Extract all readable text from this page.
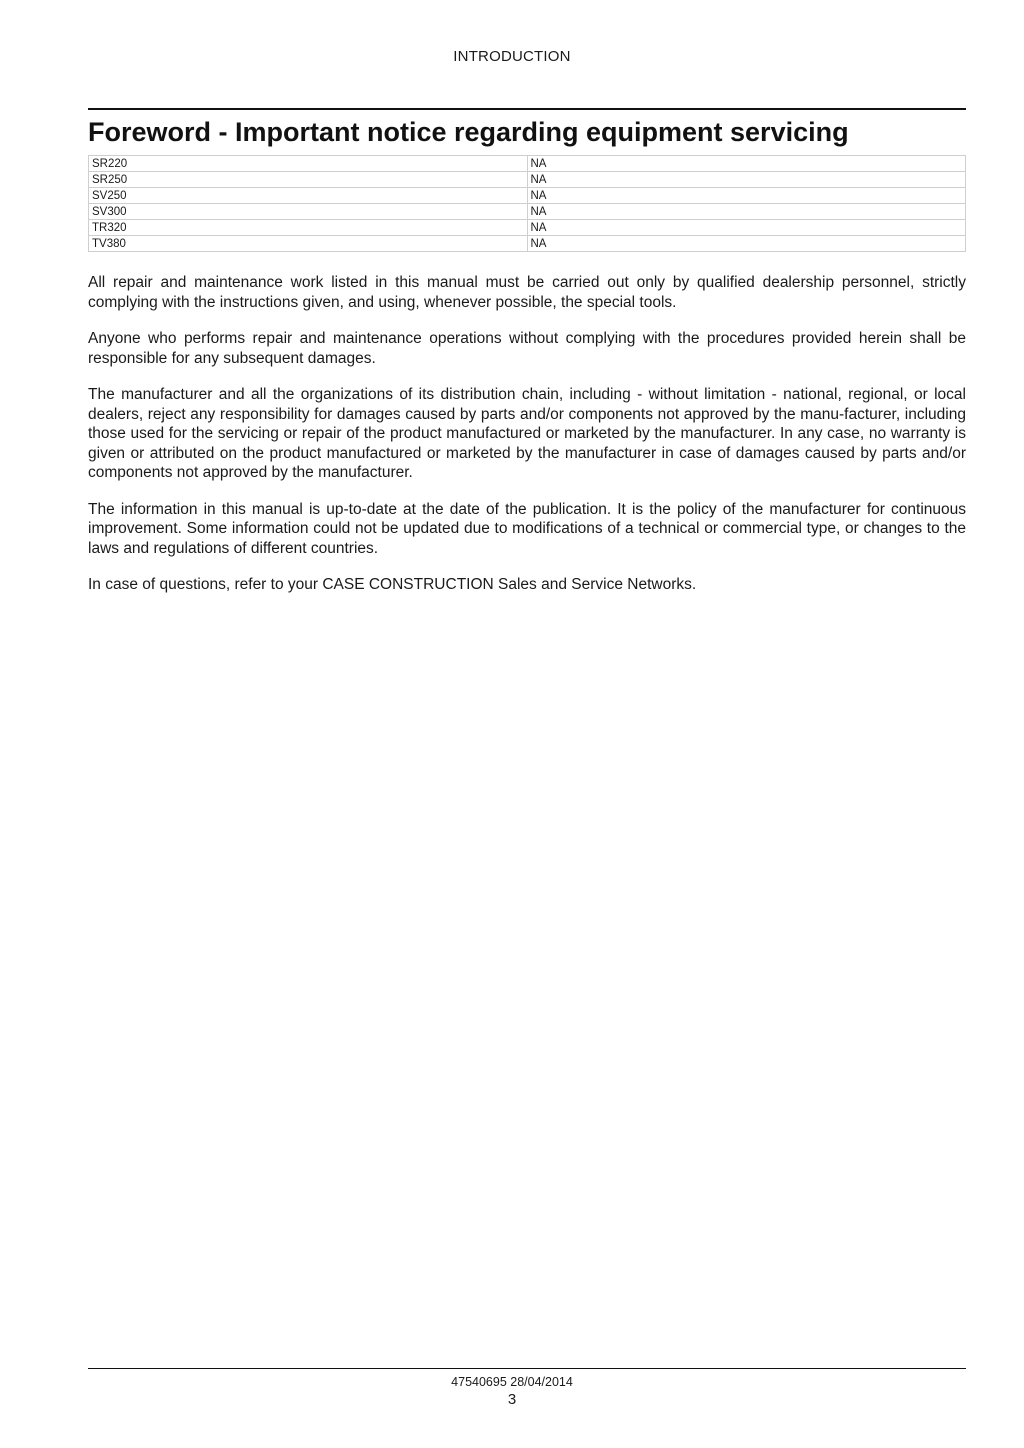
INTRODUCTION
Foreword - Important notice regarding equipment servicing
SR220	NA
SR250	NA
SV250	NA
SV300	NA
TR320	NA
TV380	NA

All repair and maintenance work listed in this manual must be carried out only by qualified dealership personnel, strictly complying with the instructions given, and using, whenever possible, the special tools.

Anyone who performs repair and maintenance operations without complying with the procedures provided herein shall be responsible for any subsequent damages.

The manufacturer and all the organizations of its distribution chain, including - without limitation - national, regional, or local dealers, reject any responsibility for damages caused by parts and/or components not approved by the manu-facturer, including those used for the servicing or repair of the product manufactured or marketed by the manufacturer. In any case, no warranty is given or attributed on the product manufactured or marketed by the manufacturer in case of damages caused by parts and/or components not approved by the manufacturer.

The information in this manual is up-to-date at the date of the publication. It is the policy of the manufacturer for continuous improvement. Some information could not be updated due to modifications of a technical or commercial type, or changes to the laws and regulations of different countries.

In case of questions, refer to your CASE CONSTRUCTION Sales and Service Networks.

47540695 28/04/2014
3
